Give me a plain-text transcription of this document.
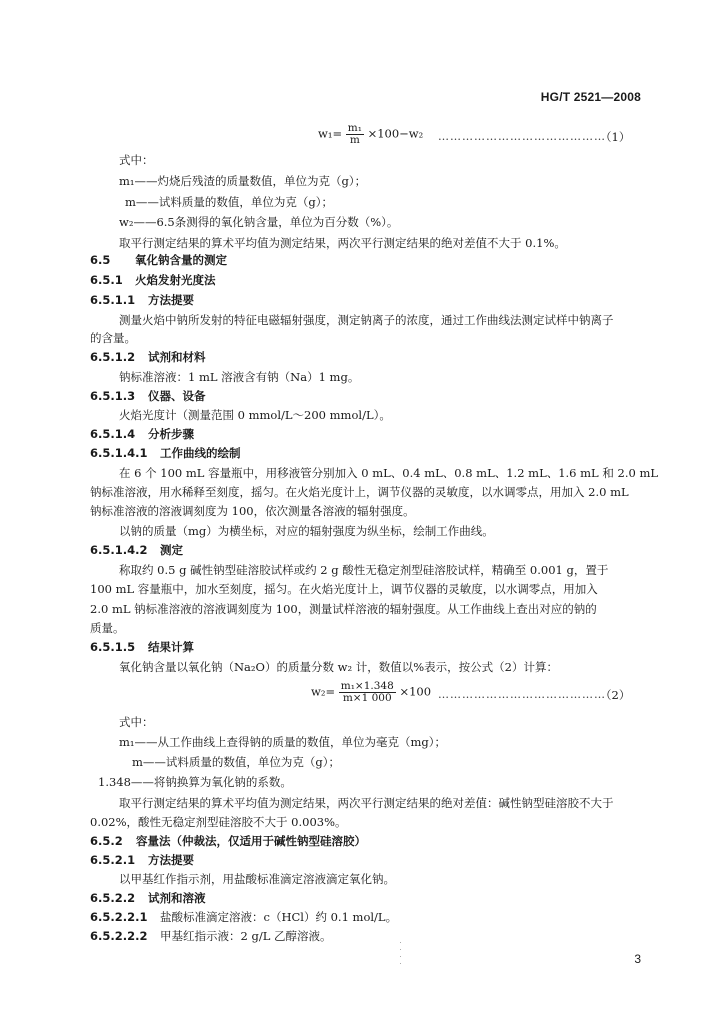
HG/T 2521—2008
$w_1= \frac{\text{m₁}}{m} \times 100-w_2$ ……………………………………
（1）
式中：
m₁——灼烧后残渣的质量数值，单位为克（g）；
m——试料质量的数值，单位为克（g）；
w₂——6.5条测得的氧化钠含量，单位为百分数（%）。
取平行测定结果的算术平均值为测定结果，两次平行测定结果的绝对差值不大于 0.1%。
6.5 氧化钠含量的测定
6.5.1 火焰发射光度法
6.5.1.1 方法提要
测量火焰中钠所发射的特征电磁辐射强度，测定钠离子的浓度，通过工作曲线法测定试样中钠离子
的含量。
6.5.1.2 试剂和材料
钠标准溶液：1 mL 溶液含有钠（Na）1 mg。
6.5.1.3 仪器、设备
火焰光度计（测量范围 0 mmol/L～200 mmol/L）。
6.5.1.4 分析步骤
6.5.1.4.1 工作曲线的绘制
在 6 个 100 mL 容量瓶中，用移液管分别加入 0 mL、0.4 mL、0.8 mL、1.2 mL、1.6 mL 和 2.0 mL
钠标准溶液，用水稀释至刻度，摇匀。在火焰光度计上，调节仪器的灵敏度，以水调零点，用加入 2.0 mL
钠标准溶液的溶液调刻度为 100，依次测量各溶液的辐射强度。
以钠的质量（mg）为横坐标，对应的辐射强度为纵坐标，绘制工作曲线。
6.5.1.4.2 测定
称取约 0.5 g 碱性钠型硅溶胶试样或约 2 g 酸性无稳定剂型硅溶胶试样，精确至 0.001 g，置于
100 mL 容量瓶中，加水至刻度，摇匀。在火焰光度计上，调节仪器的灵敏度，以水调零点，用加入
2.0 mL 钠标准溶液的溶液调刻度为 100，测量试样溶液的辐射强度。从工作曲线上查出对应的钠的
质量。
6.5.1.5 结果计算
氧化钠含量以氧化钠（Na₂O）的质量分数 w₂ 计，数值以%表示，按公式（2）计算：
$w_2= \frac{\text{m₁×1.348}}{m\times 1 000} \times 100$ ……………………………………
（2）
式中：
m₁——从工作曲线上查得钠的质量的数值，单位为毫克（mg）；
m——试料质量的数值，单位为克（g）；
1.348——将钠换算为氧化钠的系数。
取平行测定结果的算术平均值为测定结果，两次平行测定结果的绝对差值：碱性钠型硅溶胶不大于
0.02%，酸性无稳定剂型硅溶胶不大于 0.003%。
6.5.2 容量法（仲裁法，仅适用于碱性钠型硅溶胶）
6.5.2.1 方法提要
以甲基红作指示剂，用盐酸标准滴定溶液滴定氧化钠。
6.5.2.2 试剂和溶液
6.5.2.2.1 盐酸标准滴定溶液：c（HCl）约 0.1 mol/L。
6.5.2.2.2 甲基红指示液：2 g/L 乙醇溶液。
3
